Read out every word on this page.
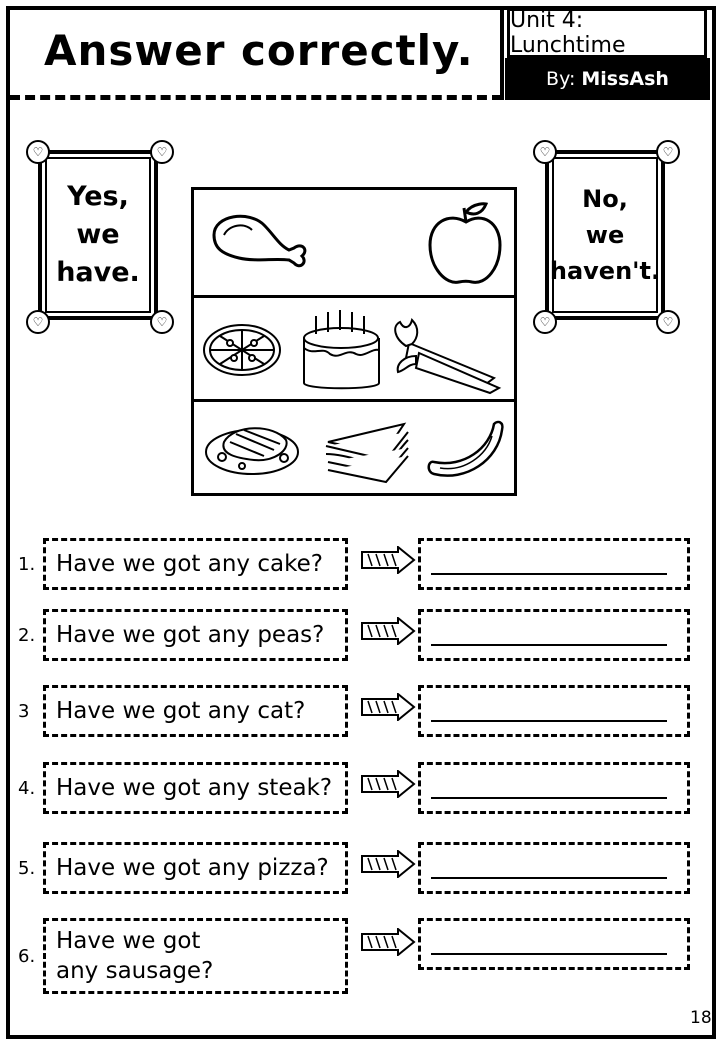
Answer correctly.
Unit 4: Lunchtime
By: MissAsh
Yes,
we
have.
♡	♡
♡	♡
No,
we
haven't.
♡	♡
♡	♡
1. Have we got any cake?
2. Have we got any peas?
3	Have we got any cat?
4. Have we got any steak?
5. Have we got any pizza?
6.
Have we got any sausage?
18
